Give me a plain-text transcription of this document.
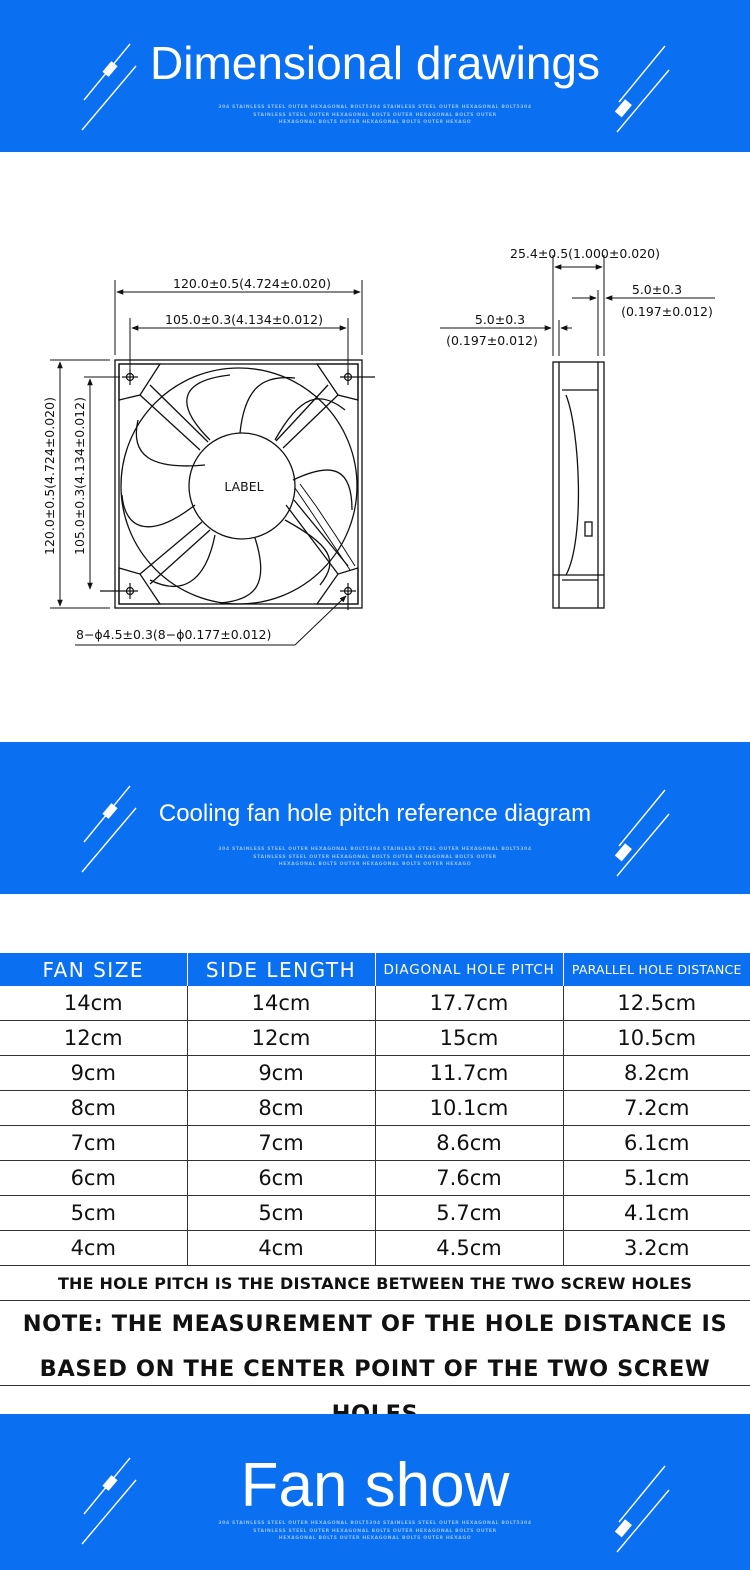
Dimensional drawings
304 STAINLESS STEEL OUTER HEXAGONAL BOLT5304 STAINLESS STEEL OUTER HEXAGONAL BOLT5304
STAINLESS STEEL OUTER HEXAGONAL BOLTS OUTER HEXAGONAL BOLTS OUTER
HEXAGONAL BOLTS OUTER HEXAGONAL BOLTS OUTER HEXAGO
LABEL
120.0±0.5(4.724±0.020)
105.0±0.3(4.134±0.012)
120.0±0.5(4.724±0.020) 105.0±0.3(4.134±0.012)
8−ϕ4.5±0.3(8−ϕ0.177±0.012)
25.4±0.5(1.000±0.020)
5.0±0.3
(0.197±0.012)
5.0±0.3
(0.197±0.012)
Cooling fan hole pitch reference diagram
304 STAINLESS STEEL OUTER HEXAGONAL BOLT5304 STAINLESS STEEL OUTER HEXAGONAL BOLT5304
STAINLESS STEEL OUTER HEXAGONAL BOLTS OUTER HEXAGONAL BOLTS OUTER
HEXAGONAL BOLTS OUTER HEXAGONAL BOLTS OUTER HEXAGO
FAN SIZE	SIDE LENGTH	DIAGONAL HOLE PITCH	PARALLEL HOLE DISTANCE
14cm	14cm	17.7cm	12.5cm
12cm	12cm	15cm	10.5cm
9cm	9cm	11.7cm	8.2cm
8cm	8cm	10.1cm	7.2cm
7cm	7cm	8.6cm	6.1cm
6cm	6cm	7.6cm	5.1cm
5cm	5cm	5.7cm	4.1cm
4cm	4cm	4.5cm	3.2cm
THE HOLE PITCH IS THE DISTANCE BETWEEN THE TWO SCREW HOLES
NOTE: THE MEASUREMENT OF THE HOLE DISTANCE IS
BASED ON THE CENTER POINT OF THE TWO SCREW
Fan show
304 STAINLESS STEEL OUTER HEXAGONAL BOLT5304 STAINLESS STEEL OUTER HEXAGONAL BOLT5304
STAINLESS STEEL OUTER HEXAGONAL BOLTS OUTER HEXAGONAL BOLTS OUTER
HEXAGONAL BOLTS OUTER HEXAGONAL BOLTS OUTER HEXAGO
